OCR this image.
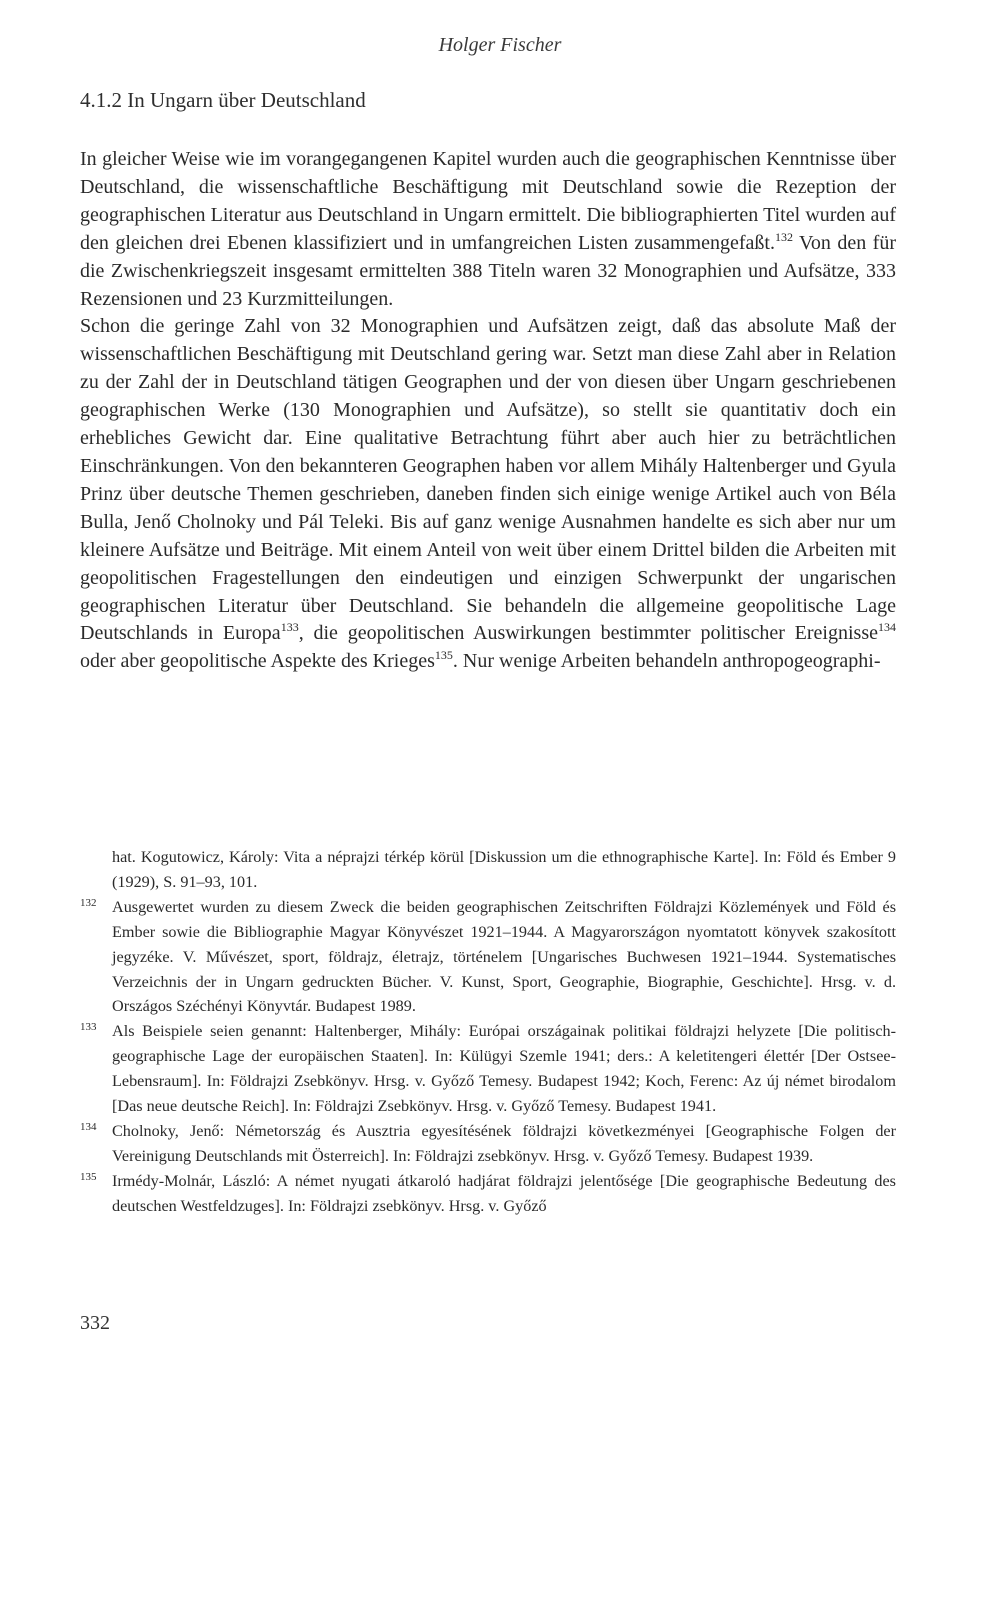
Holger Fischer
4.1.2 In Ungarn über Deutschland

In gleicher Weise wie im vorangegangenen Kapitel wurden auch die geographischen Kenntnisse über Deutschland, die wissenschaftliche Beschäftigung mit Deutschland sowie die Rezeption der geographischen Literatur aus Deutschland in Ungarn ermittelt. Die bibliographierten Titel wurden auf den gleichen drei Ebenen klassifiziert und in umfangreichen Listen zusammengefaßt.$^{132}$ Von den für die Zwischenkriegszeit insgesamt ermittelten 388 Titeln waren 32 Monographien und Aufsätze, 333 Rezensionen und 23 Kurzmitteilungen.

Schon die geringe Zahl von 32 Monographien und Aufsätzen zeigt, daß das absolute Maß der wissenschaftlichen Beschäftigung mit Deutschland gering war. Setzt man diese Zahl aber in Relation zu der Zahl der in Deutschland tätigen Geographen und der von diesen über Ungarn geschriebenen geographischen Werke (130 Monographien und Aufsätze), so stellt sie quantitativ doch ein erhebliches Gewicht dar. Eine qualitative Betrachtung führt aber auch hier zu beträchtlichen Einschränkungen. Von den bekannteren Geographen haben vor allem Mihály Haltenberger und Gyula Prinz über deutsche Themen geschrieben, daneben finden sich einige wenige Artikel auch von Béla Bulla, Jenő Cholnoky und Pál Teleki. Bis auf ganz wenige Ausnahmen handelte es sich aber nur um kleinere Aufsätze und Beiträge. Mit einem Anteil von weit über einem Drittel bilden die Arbeiten mit geopolitischen Fragestellungen den eindeutigen und einzigen Schwerpunkt der ungarischen geographischen Literatur über Deutschland. Sie behandeln die allgemeine geopolitische Lage Deutschlands in Europa$^{133}$, die geopolitischen Auswirkungen bestimmter politischer Ereignisse$^{134}$ oder aber geopolitische Aspekte des Krieges$^{135}$. Nur wenige Arbeiten behandeln anthropogeographi-

hat. Kogutowicz, Károly: Vita a néprajzi térkép körül [Diskussion um die ethnographische Karte]. In: Föld és Ember 9 (1929), S. 91–93, 101.

132 Ausgewertet wurden zu diesem Zweck die beiden geographischen Zeitschriften Földrajzi Közlemények und Föld és Ember sowie die Bibliographie Magyar Könyvészet 1921–1944. A Magyarországon nyomtatott könyvek szakosított jegyzéke. V. Művészet, sport, földrajz, életrajz, történelem [Ungarisches Buchwesen 1921–1944. Systematisches Verzeichnis der in Ungarn gedruckten Bücher. V. Kunst, Sport, Geographie, Biographie, Geschichte]. Hrsg. v. d. Országos Széchényi Könyvtár. Budapest 1989.

133 Als Beispiele seien genannt: Haltenberger, Mihály: Európai országainak politikai földrajzi helyzete [Die politisch-geographische Lage der europäischen Staaten]. In: Külügyi Szemle 1941; ders.: A keletitengeri élettér [Der Ostsee-Lebensraum]. In: Földrajzi Zsebkönyv. Hrsg. v. Győző Temesy. Budapest 1942; Koch, Ferenc: Az új német birodalom [Das neue deutsche Reich]. In: Földrajzi Zsebkönyv. Hrsg. v. Győző Temesy. Budapest 1941.

134 Cholnoky, Jenő: Németország és Ausztria egyesítésének földrajzi következményei [Geographische Folgen der Vereinigung Deutschlands mit Österreich]. In: Földrajzi zsebkönyv. Hrsg. v. Győző Temesy. Budapest 1939.

135 Irmédy-Molnár, László: A német nyugati átkaroló hadjárat földrajzi jelentősége [Die geographische Bedeutung des deutschen Westfeldzuges]. In: Földrajzi zsebkönyv. Hrsg. v. Győző

332
